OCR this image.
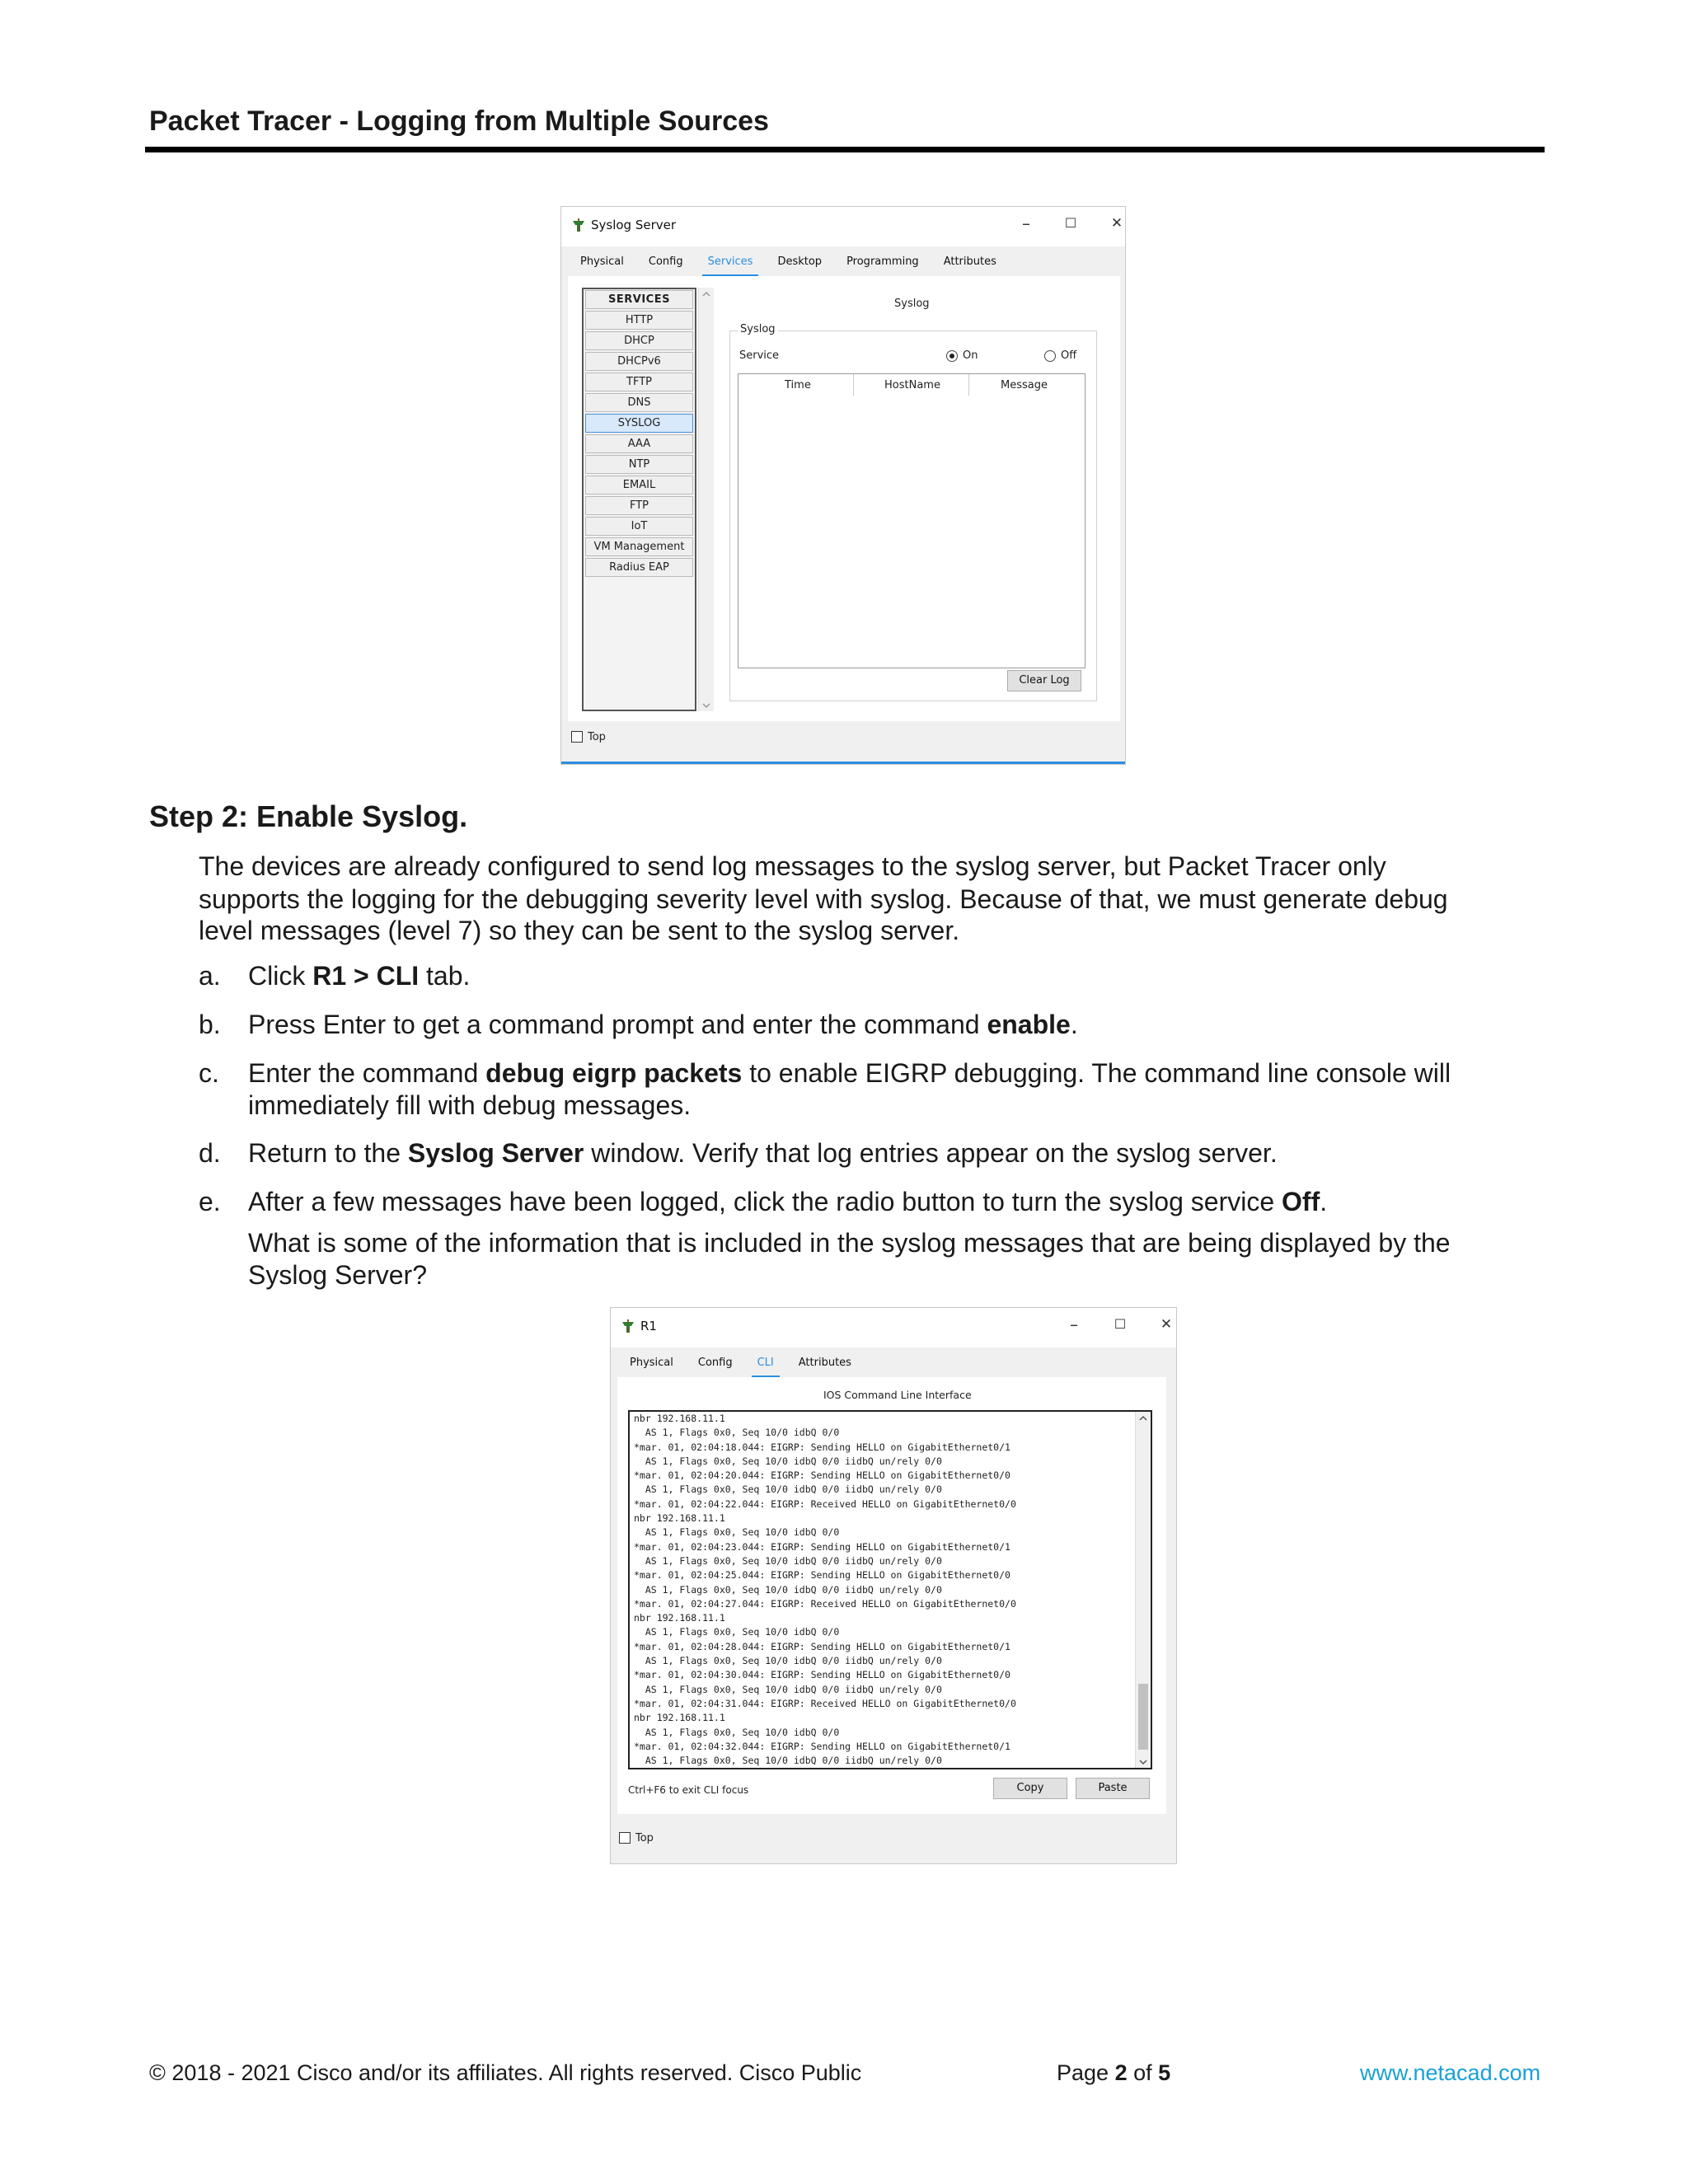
Packet Tracer - Logging from Multiple Sources
Syslog Server	–	☐	✕
Physical	Config	Services	Desktop	Programming	Attributes
SERVICES
HTTP
DHCP
DHCPv6
TFTP
DNS
SYSLOG
AAA
NTP
EMAIL
FTP
IoT
VM Management
Radius EAP
Syslog
Syslog
Service	On	Off
Time	HostName	Message
Clear Log
Top
Step 2: Enable Syslog.
The devices are already configured to send log messages to the syslog server, but Packet Tracer only
supports the logging for the debugging severity level with syslog. Because of that, we must generate debug
level messages (level 7) so they can be sent to the syslog server.
a. Click R1 > CLI tab.
b. Press Enter to get a command prompt and enter the command enable.
c. Enter the command debug eigrp packets to enable EIGRP debugging. The command line console will
immediately fill with debug messages.
d. Return to the Syslog Server window. Verify that log entries appear on the syslog server.
e. After a few messages have been logged, click the radio button to turn the syslog service Off.
What is some of the information that is included in the syslog messages that are being displayed by the
Syslog Server?
R1	–	☐	✕
Physical	Config	CLI	Attributes
IOS Command Line Interface
nbr 192.168.11.1
AS 1, Flags 0x0, Seq 10/0 idbQ 0/0
*mar. 01, 02:04:18.044: EIGRP: Sending HELLO on GigabitEthernet0/1
AS 1, Flags 0x0, Seq 10/0 idbQ 0/0 iidbQ un/rely 0/0
*mar. 01, 02:04:20.044: EIGRP: Sending HELLO on GigabitEthernet0/0
AS 1, Flags 0x0, Seq 10/0 idbQ 0/0 iidbQ un/rely 0/0
*mar. 01, 02:04:22.044: EIGRP: Received HELLO on GigabitEthernet0/0
nbr 192.168.11.1
AS 1, Flags 0x0, Seq 10/0 idbQ 0/0
*mar. 01, 02:04:23.044: EIGRP: Sending HELLO on GigabitEthernet0/1
AS 1, Flags 0x0, Seq 10/0 idbQ 0/0 iidbQ un/rely 0/0
*mar. 01, 02:04:25.044: EIGRP: Sending HELLO on GigabitEthernet0/0
AS 1, Flags 0x0, Seq 10/0 idbQ 0/0 iidbQ un/rely 0/0
*mar. 01, 02:04:27.044: EIGRP: Received HELLO on GigabitEthernet0/0
nbr 192.168.11.1
AS 1, Flags 0x0, Seq 10/0 idbQ 0/0
*mar. 01, 02:04:28.044: EIGRP: Sending HELLO on GigabitEthernet0/1
AS 1, Flags 0x0, Seq 10/0 idbQ 0/0 iidbQ un/rely 0/0
*mar. 01, 02:04:30.044: EIGRP: Sending HELLO on GigabitEthernet0/0
AS 1, Flags 0x0, Seq 10/0 idbQ 0/0 iidbQ un/rely 0/0
*mar. 01, 02:04:31.044: EIGRP: Received HELLO on GigabitEthernet0/0
nbr 192.168.11.1
AS 1, Flags 0x0, Seq 10/0 idbQ 0/0
*mar. 01, 02:04:32.044: EIGRP: Sending HELLO on GigabitEthernet0/1
AS 1, Flags 0x0, Seq 10/0 idbQ 0/0 iidbQ un/rely 0/0
Ctrl+F6 to exit CLI focus	Copy	Paste
Top
© 2018 - 2021 Cisco and/or its affiliates. All rights reserved. Cisco Public	Page 2 of 5	www.netacad.com
